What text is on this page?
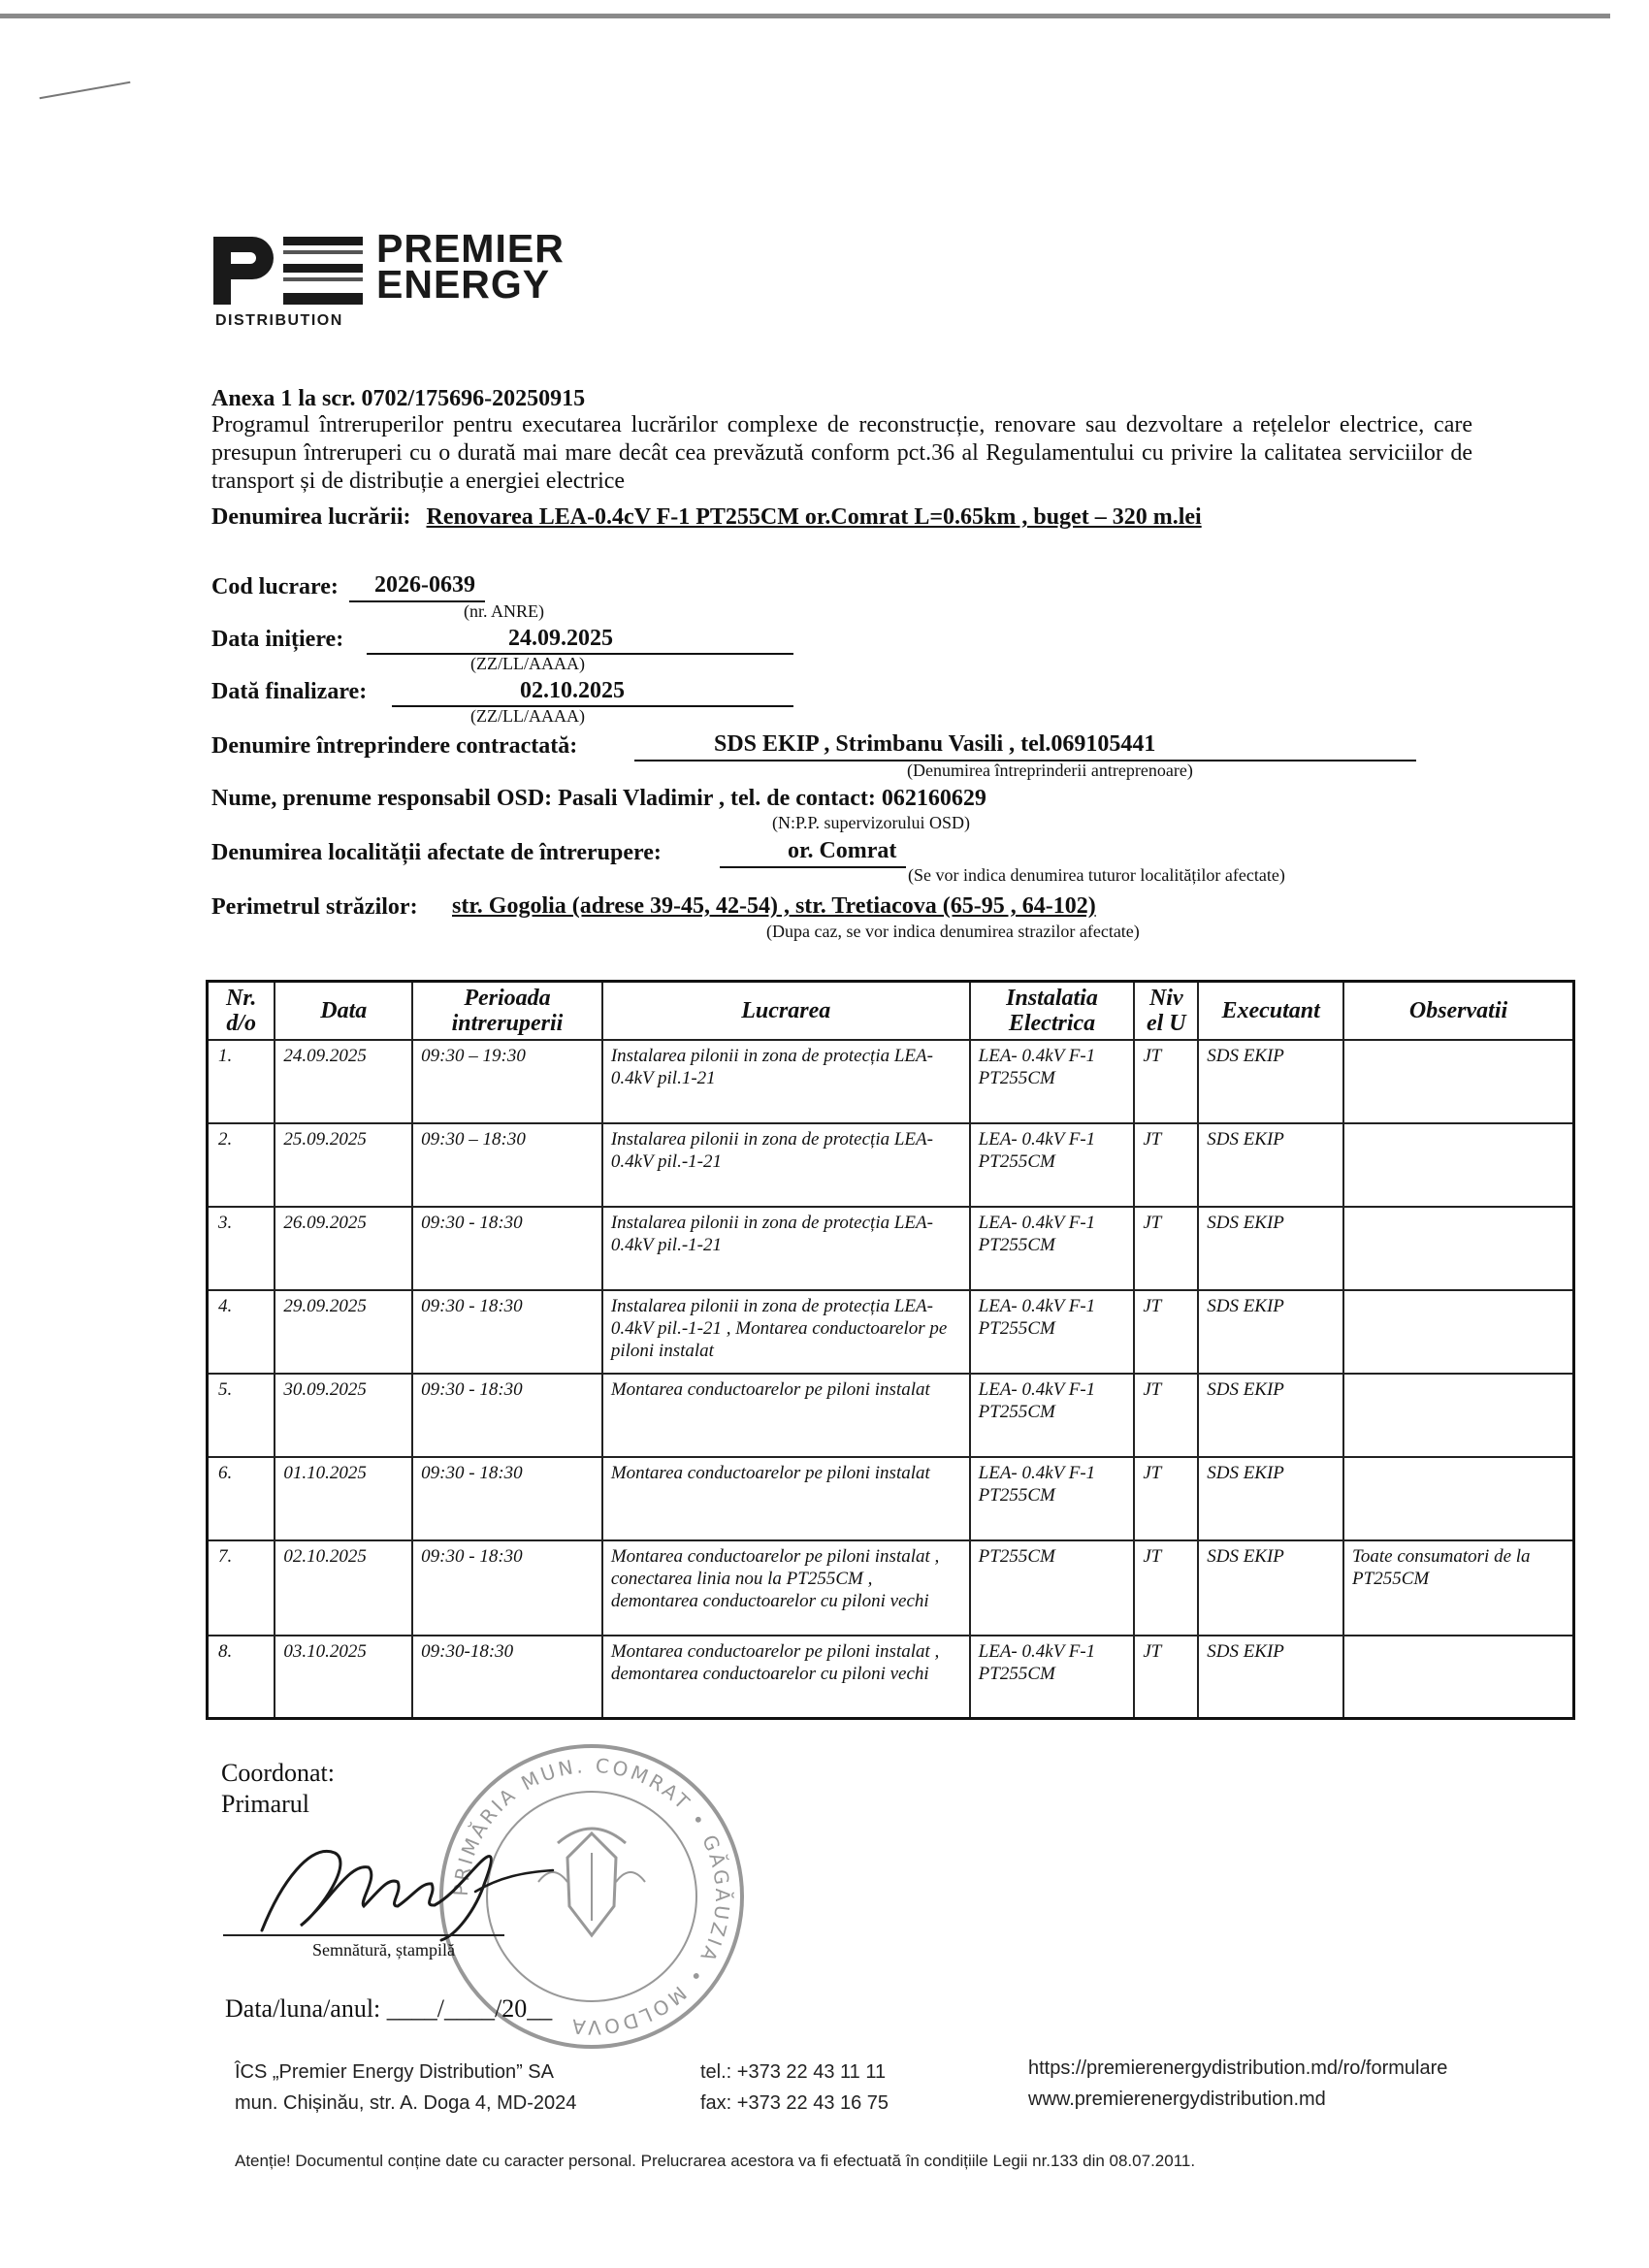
PREMIER
ENERGY
DISTRIBUTION
Anexa 1 la scr. 0702/175696-20250915
Programul întreruperilor pentru executarea lucrărilor complexe de reconstrucție, renovare sau dezvoltare a rețelelor electrice, care presupun întreruperi cu o durată mai mare decât cea prevăzută conform pct.36 al Regulamentului cu privire la calitatea serviciilor de transport și de distribuție a energiei electrice
Denumirea lucrării: Renovarea LEA-0.4cV F-1 PT255CM or.Comrat L=0.65km , buget – 320 m.lei
Cod lucrare: 2026-0639
(nr. ANRE)
Data inițiere:	24.09.2025
(ZZ/LL/AAAA)
Dată finalizare:	02.10.2025
(ZZ/LL/AAAA)
Denumire întreprindere contractată:	SDS EKIP , Strimbanu Vasili , tel.069105441
(Denumirea întreprinderii antreprenoare)
Nume, prenume responsabil OSD: Pasali Vladimir , tel. de contact: 062160629
(N:P.P. supervizorului OSD)
Denumirea localității afectate de întrerupere:	or. Comrat
(Se vor indica denumirea tuturor localităților afectate)
Perimetrul străzilor: str. Gogolia (adrese 39-45, 42-54) , str. Tretiacova (65-95 , 64-102)
(Dupa caz, se vor indica denumirea strazilor afectate)
Nr. d/o	Data	Perioada intreruperii	Lucrarea	Instalatia Electrica	Niv el U	Executant	Observatii
1.	24.09.2025	09:30 – 19:30	Instalarea pilonii in zona de protecția LEA-0.4kV pil.1-21	LEA- 0.4kV F-1 PT255CM	JT	SDS EKIP	
2.	25.09.2025	09:30 – 18:30	Instalarea pilonii in zona de protecția LEA-0.4kV pil.-1-21	LEA- 0.4kV F-1 PT255CM	JT	SDS EKIP	
3.	26.09.2025	09:30 - 18:30	Instalarea pilonii in zona de protecția LEA-0.4kV pil.-1-21	LEA- 0.4kV F-1 PT255CM	JT	SDS EKIP	
4.	29.09.2025	09:30 - 18:30	Instalarea pilonii in zona de protecția LEA-0.4kV pil.-1-21 , Montarea conductoarelor pe piloni instalat	LEA- 0.4kV F-1 PT255CM	JT	SDS EKIP	
5.	30.09.2025	09:30 - 18:30	Montarea conductoarelor pe piloni instalat	LEA- 0.4kV F-1 PT255CM	JT	SDS EKIP	
6.	01.10.2025	09:30 - 18:30	Montarea conductoarelor pe piloni instalat	LEA- 0.4kV F-1 PT255CM	JT	SDS EKIP	
7.	02.10.2025	09:30 - 18:30	Montarea conductoarelor pe piloni instalat , conectarea linia nou la PT255CM , demontarea conductoarelor cu piloni vechi	PT255CM	JT	SDS EKIP	Toate consumatori de la PT255CM
8.	03.10.2025	09:30-18:30	Montarea conductoarelor pe piloni instalat , demontarea conductoarelor cu piloni vechi	LEA- 0.4kV F-1 PT255CM	JT	SDS EKIP	
Coordonat:
Primarul
PRIMĂRIA MUN. COMRAT • GĂGĂUZIA • MOLDOVA
Semnătură, ștampilă
Data/luna/anul: ____/____/20__
ÎCS „Premier Energy Distribution” SA
mun. Chișinău, str. A. Doga 4, MD-2024
tel.: +373 22 43 11 11
fax: +373 22 43 16 75
https://premierenergydistribution.md/ro/formulare
www.premierenergydistribution.md
Atenție! Documentul conține date cu caracter personal. Prelucrarea acestora va fi efectuată în condițiile Legii nr.133 din 08.07.2011.
